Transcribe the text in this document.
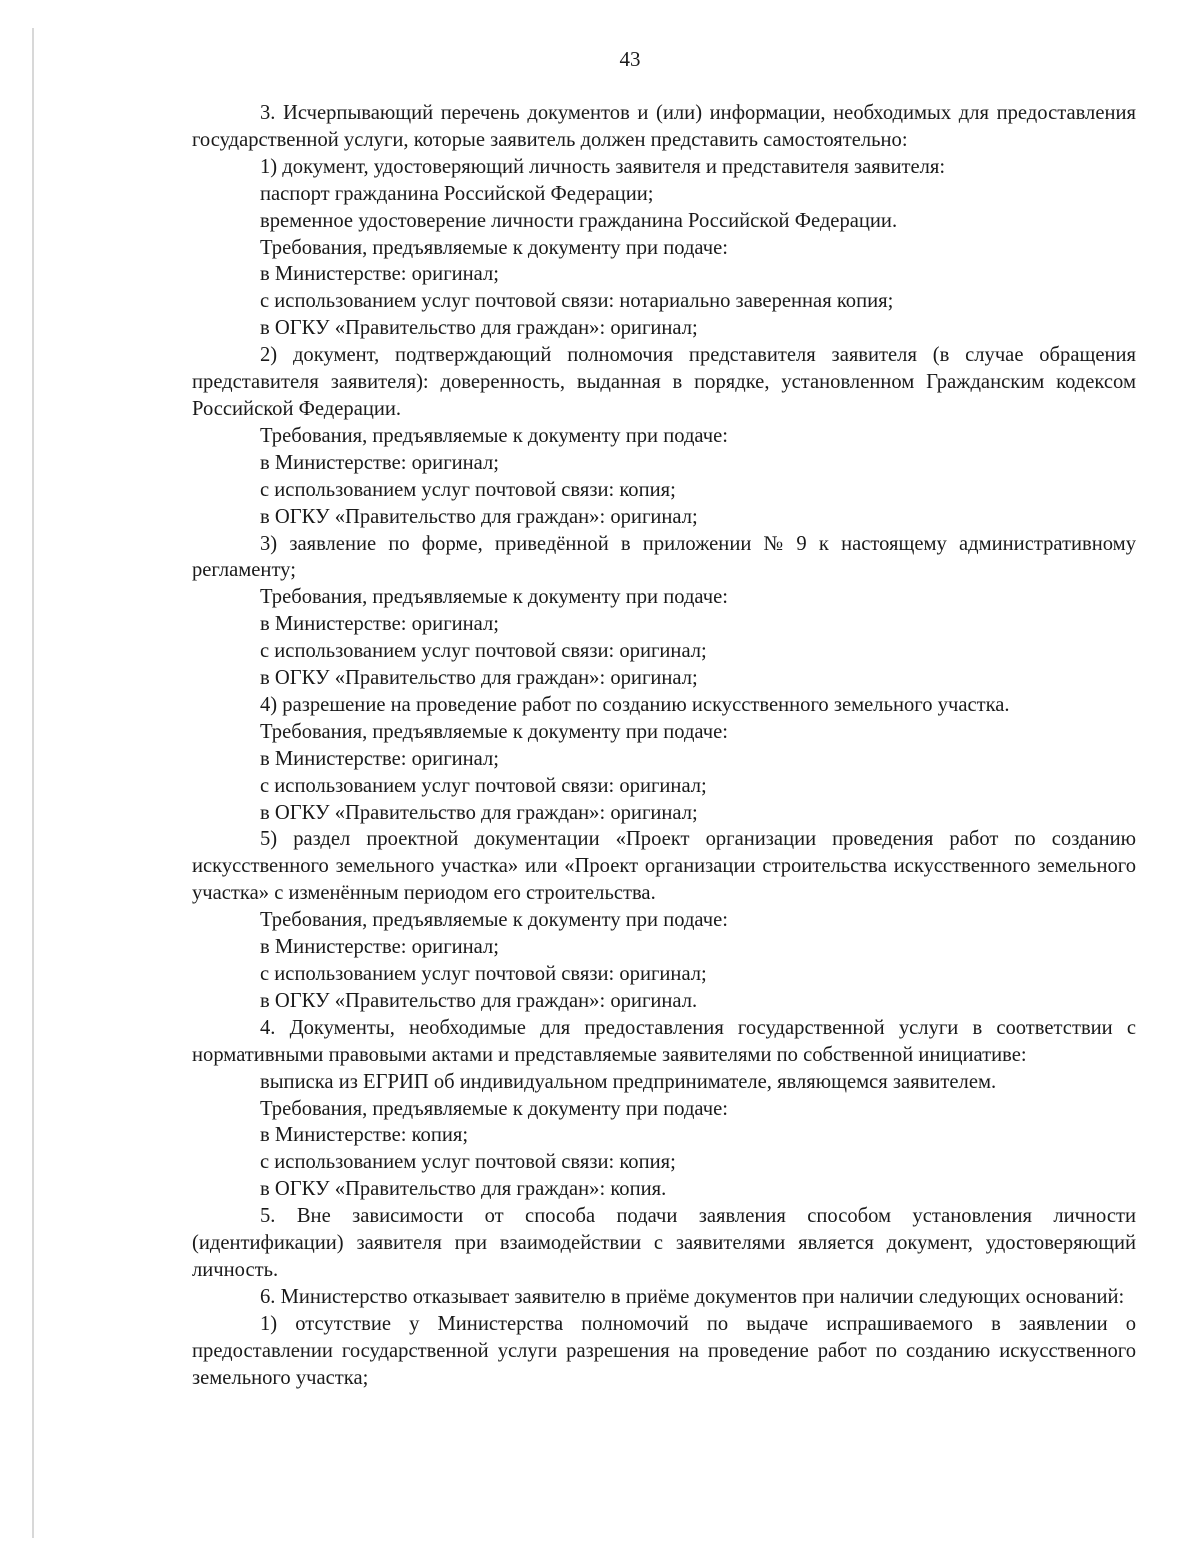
43

3. Исчерпывающий перечень документов и (или) информации, необходимых для предоставления государственной услуги, которые заявитель должен представить самостоятельно:

1) документ, удостоверяющий личность заявителя и представителя заявителя:

паспорт гражданина Российской Федерации;

временное удостоверение личности гражданина Российской Федерации.

Требования, предъявляемые к документу при подаче:

в Министерстве: оригинал;

с использованием услуг почтовой связи: нотариально заверенная копия;

в ОГКУ «Правительство для граждан»: оригинал;

2) документ, подтверждающий полномочия представителя заявителя (в случае обращения представителя заявителя): доверенность, выданная в порядке, установленном Гражданским кодексом Российской Федерации.

Требования, предъявляемые к документу при подаче:

в Министерстве: оригинал;

с использованием услуг почтовой связи: копия;

в ОГКУ «Правительство для граждан»: оригинал;

3) заявление по форме, приведённой в приложении № 9 к настоящему административному регламенту;

Требования, предъявляемые к документу при подаче:

в Министерстве: оригинал;

с использованием услуг почтовой связи: оригинал;

в ОГКУ «Правительство для граждан»: оригинал;

4) разрешение на проведение работ по созданию искусственного земельного участка.

Требования, предъявляемые к документу при подаче:

в Министерстве: оригинал;

с использованием услуг почтовой связи: оригинал;

в ОГКУ «Правительство для граждан»: оригинал;

5) раздел проектной документации «Проект организации проведения работ по созданию искусственного земельного участка» или «Проект организации строительства искусственного земельного участка» с изменённым периодом его строительства.

Требования, предъявляемые к документу при подаче:

в Министерстве: оригинал;

с использованием услуг почтовой связи: оригинал;

в ОГКУ «Правительство для граждан»: оригинал.

4. Документы, необходимые для предоставления государственной услуги в соответствии с нормативными правовыми актами и представляемые заявителями по собственной инициативе:

выписка из ЕГРИП об индивидуальном предпринимателе, являющемся заявителем.

Требования, предъявляемые к документу при подаче:

в Министерстве: копия;

с использованием услуг почтовой связи: копия;

в ОГКУ «Правительство для граждан»: копия.

5. Вне зависимости от способа подачи заявления способом установления личности (идентификации) заявителя при взаимодействии с заявителями является документ, удостоверяющий личность.

6. Министерство отказывает заявителю в приёме документов при наличии следующих оснований:

1) отсутствие у Министерства полномочий по выдаче испрашиваемого в заявлении о предоставлении государственной услуги разрешения на проведение работ по созданию искусственного земельного участка;
